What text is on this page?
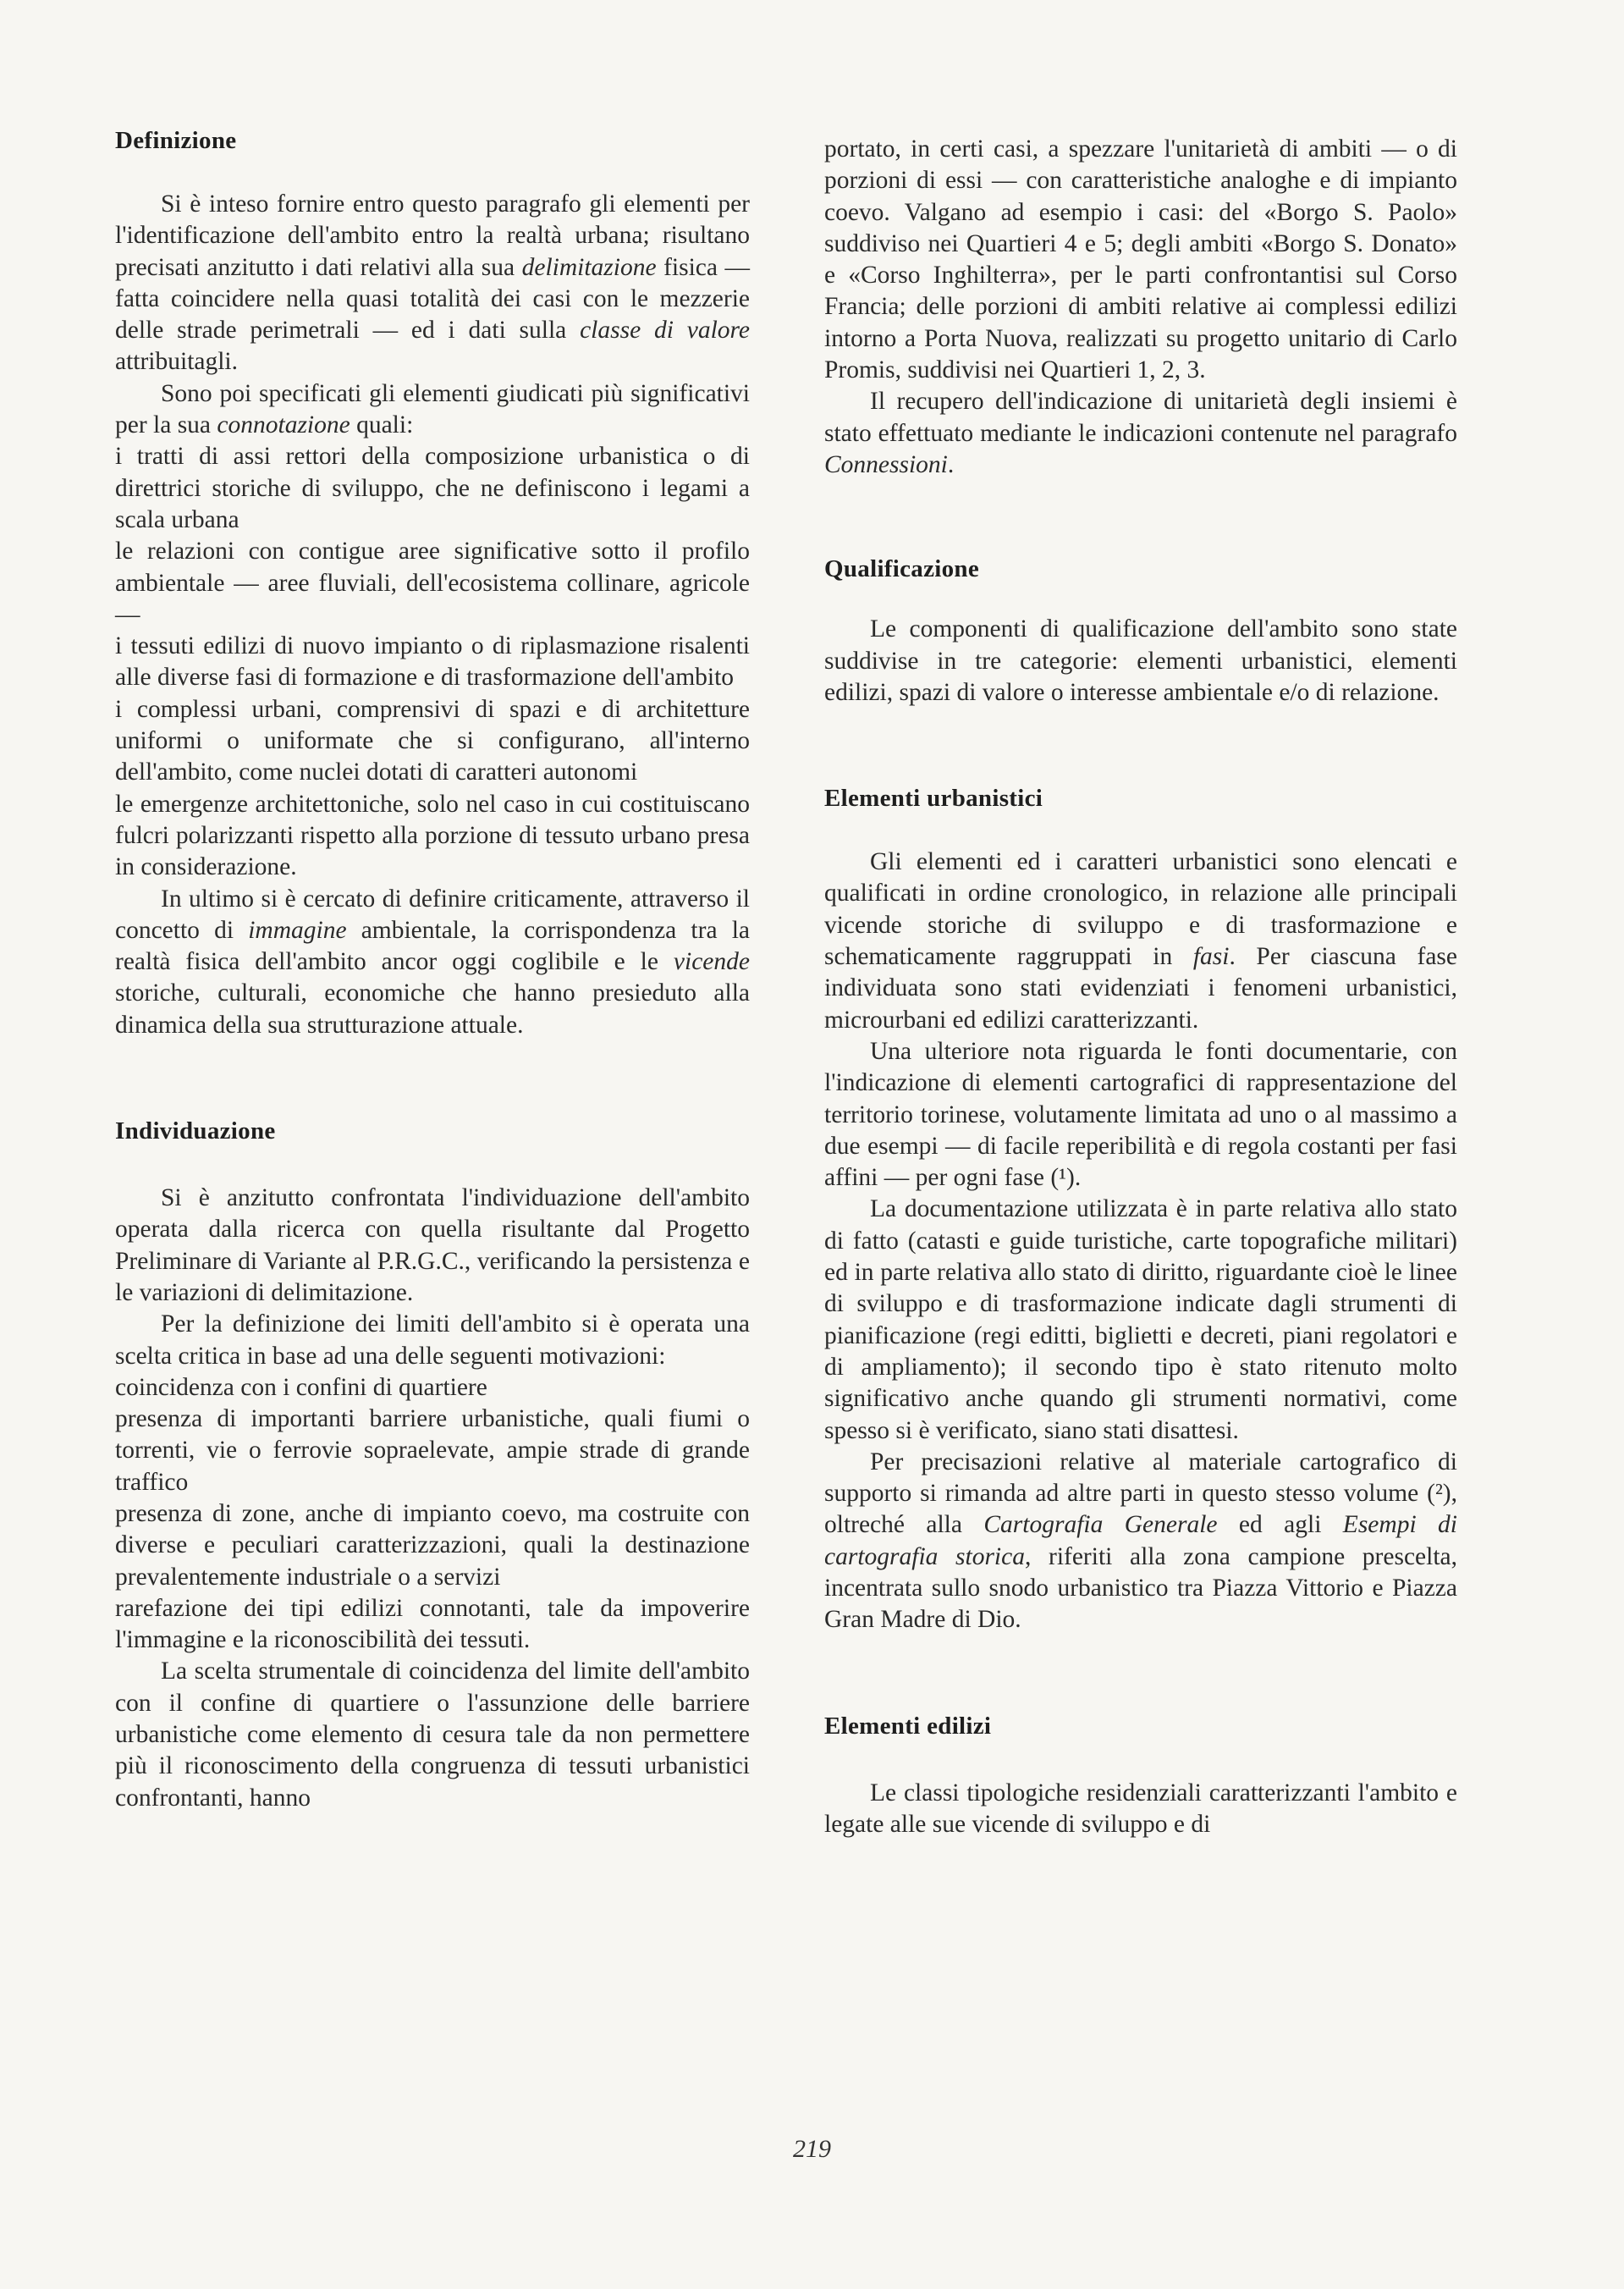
Definizione

Si è inteso fornire entro questo paragrafo gli elementi per l'identificazione dell'ambito entro la realtà urbana; risultano precisati anzitutto i dati relativi alla sua delimitazione fisica — fatta coincidere nella quasi totalità dei casi con le mezzerie delle strade perimetrali — ed i dati sulla classe di valore attribuitagli.

Sono poi specificati gli elementi giudicati più significativi per la sua connotazione quali:

i tratti di assi rettori della composizione urbanistica o di direttrici storiche di sviluppo, che ne definiscono i legami a scala urbana

le relazioni con contigue aree significative sotto il profilo ambientale — aree fluviali, dell'ecosistema collinare, agricole —

i tessuti edilizi di nuovo impianto o di riplasmazione risalenti alle diverse fasi di formazione e di trasformazione dell'ambito

i complessi urbani, comprensivi di spazi e di architetture uniformi o uniformate che si configurano, all'interno dell'ambito, come nuclei dotati di caratteri autonomi

le emergenze architettoniche, solo nel caso in cui costituiscano fulcri polarizzanti rispetto alla porzione di tessuto urbano presa in considerazione.

In ultimo si è cercato di definire criticamente, attraverso il concetto di immagine ambientale, la corrispondenza tra la realtà fisica dell'ambito ancor oggi coglibile e le vicende storiche, culturali, economiche che hanno presieduto alla dinamica della sua strutturazione attuale.

Individuazione

Si è anzitutto confrontata l'individuazione dell'ambito operata dalla ricerca con quella risultante dal Progetto Preliminare di Variante al P.R.G.C., verificando la persistenza e le variazioni di delimitazione.

Per la definizione dei limiti dell'ambito si è operata una scelta critica in base ad una delle seguenti motivazioni:

coincidenza con i confini di quartiere

presenza di importanti barriere urbanistiche, quali fiumi o torrenti, vie o ferrovie sopraelevate, ampie strade di grande traffico

presenza di zone, anche di impianto coevo, ma costruite con diverse e peculiari caratterizzazioni, quali la destinazione prevalentemente industriale o a servizi

rarefazione dei tipi edilizi connotanti, tale da impoverire l'immagine e la riconoscibilità dei tessuti.

La scelta strumentale di coincidenza del limite dell'ambito con il confine di quartiere o l'assunzione delle barriere urbanistiche come elemento di cesura tale da non permettere più il riconoscimento della congruenza di tessuti urbanistici confrontanti, hanno

portato, in certi casi, a spezzare l'unitarietà di ambiti — o di porzioni di essi — con caratteristiche analoghe e di impianto coevo. Valgano ad esempio i casi: del «Borgo S. Paolo» suddiviso nei Quartieri 4 e 5; degli ambiti «Borgo S. Donato» e «Corso Inghilterra», per le parti confrontantisi sul Corso Francia; delle porzioni di ambiti relative ai complessi edilizi intorno a Porta Nuova, realizzati su progetto unitario di Carlo Promis, suddivisi nei Quartieri 1, 2, 3.

Il recupero dell'indicazione di unitarietà degli insiemi è stato effettuato mediante le indicazioni contenute nel paragrafo Connessioni.

Qualificazione

Le componenti di qualificazione dell'ambito sono state suddivise in tre categorie: elementi urbanistici, elementi edilizi, spazi di valore o interesse ambientale e/o di relazione.

Elementi urbanistici

Gli elementi ed i caratteri urbanistici sono elencati e qualificati in ordine cronologico, in relazione alle principali vicende storiche di sviluppo e di trasformazione e schematicamente raggruppati in fasi. Per ciascuna fase individuata sono stati evidenziati i fenomeni urbanistici, microurbani ed edilizi caratterizzanti.

Una ulteriore nota riguarda le fonti documentarie, con l'indicazione di elementi cartografici di rappresentazione del territorio torinese, volutamente limitata ad uno o al massimo a due esempi — di facile reperibilità e di regola costanti per fasi affini — per ogni fase (¹).

La documentazione utilizzata è in parte relativa allo stato di fatto (catasti e guide turistiche, carte topografiche militari) ed in parte relativa allo stato di diritto, riguardante cioè le linee di sviluppo e di trasformazione indicate dagli strumenti di pianificazione (regi editti, biglietti e decreti, piani regolatori e di ampliamento); il secondo tipo è stato ritenuto molto significativo anche quando gli strumenti normativi, come spesso si è verificato, siano stati disattesi.

Per precisazioni relative al materiale cartografico di supporto si rimanda ad altre parti in questo stesso volume (²), oltreché alla Cartografia Generale ed agli Esempi di cartografia storica, riferiti alla zona campione prescelta, incentrata sullo snodo urbanistico tra Piazza Vittorio e Piazza Gran Madre di Dio.

Elementi edilizi

Le classi tipologiche residenziali caratterizzanti l'ambito e legate alle sue vicende di sviluppo e di

219
